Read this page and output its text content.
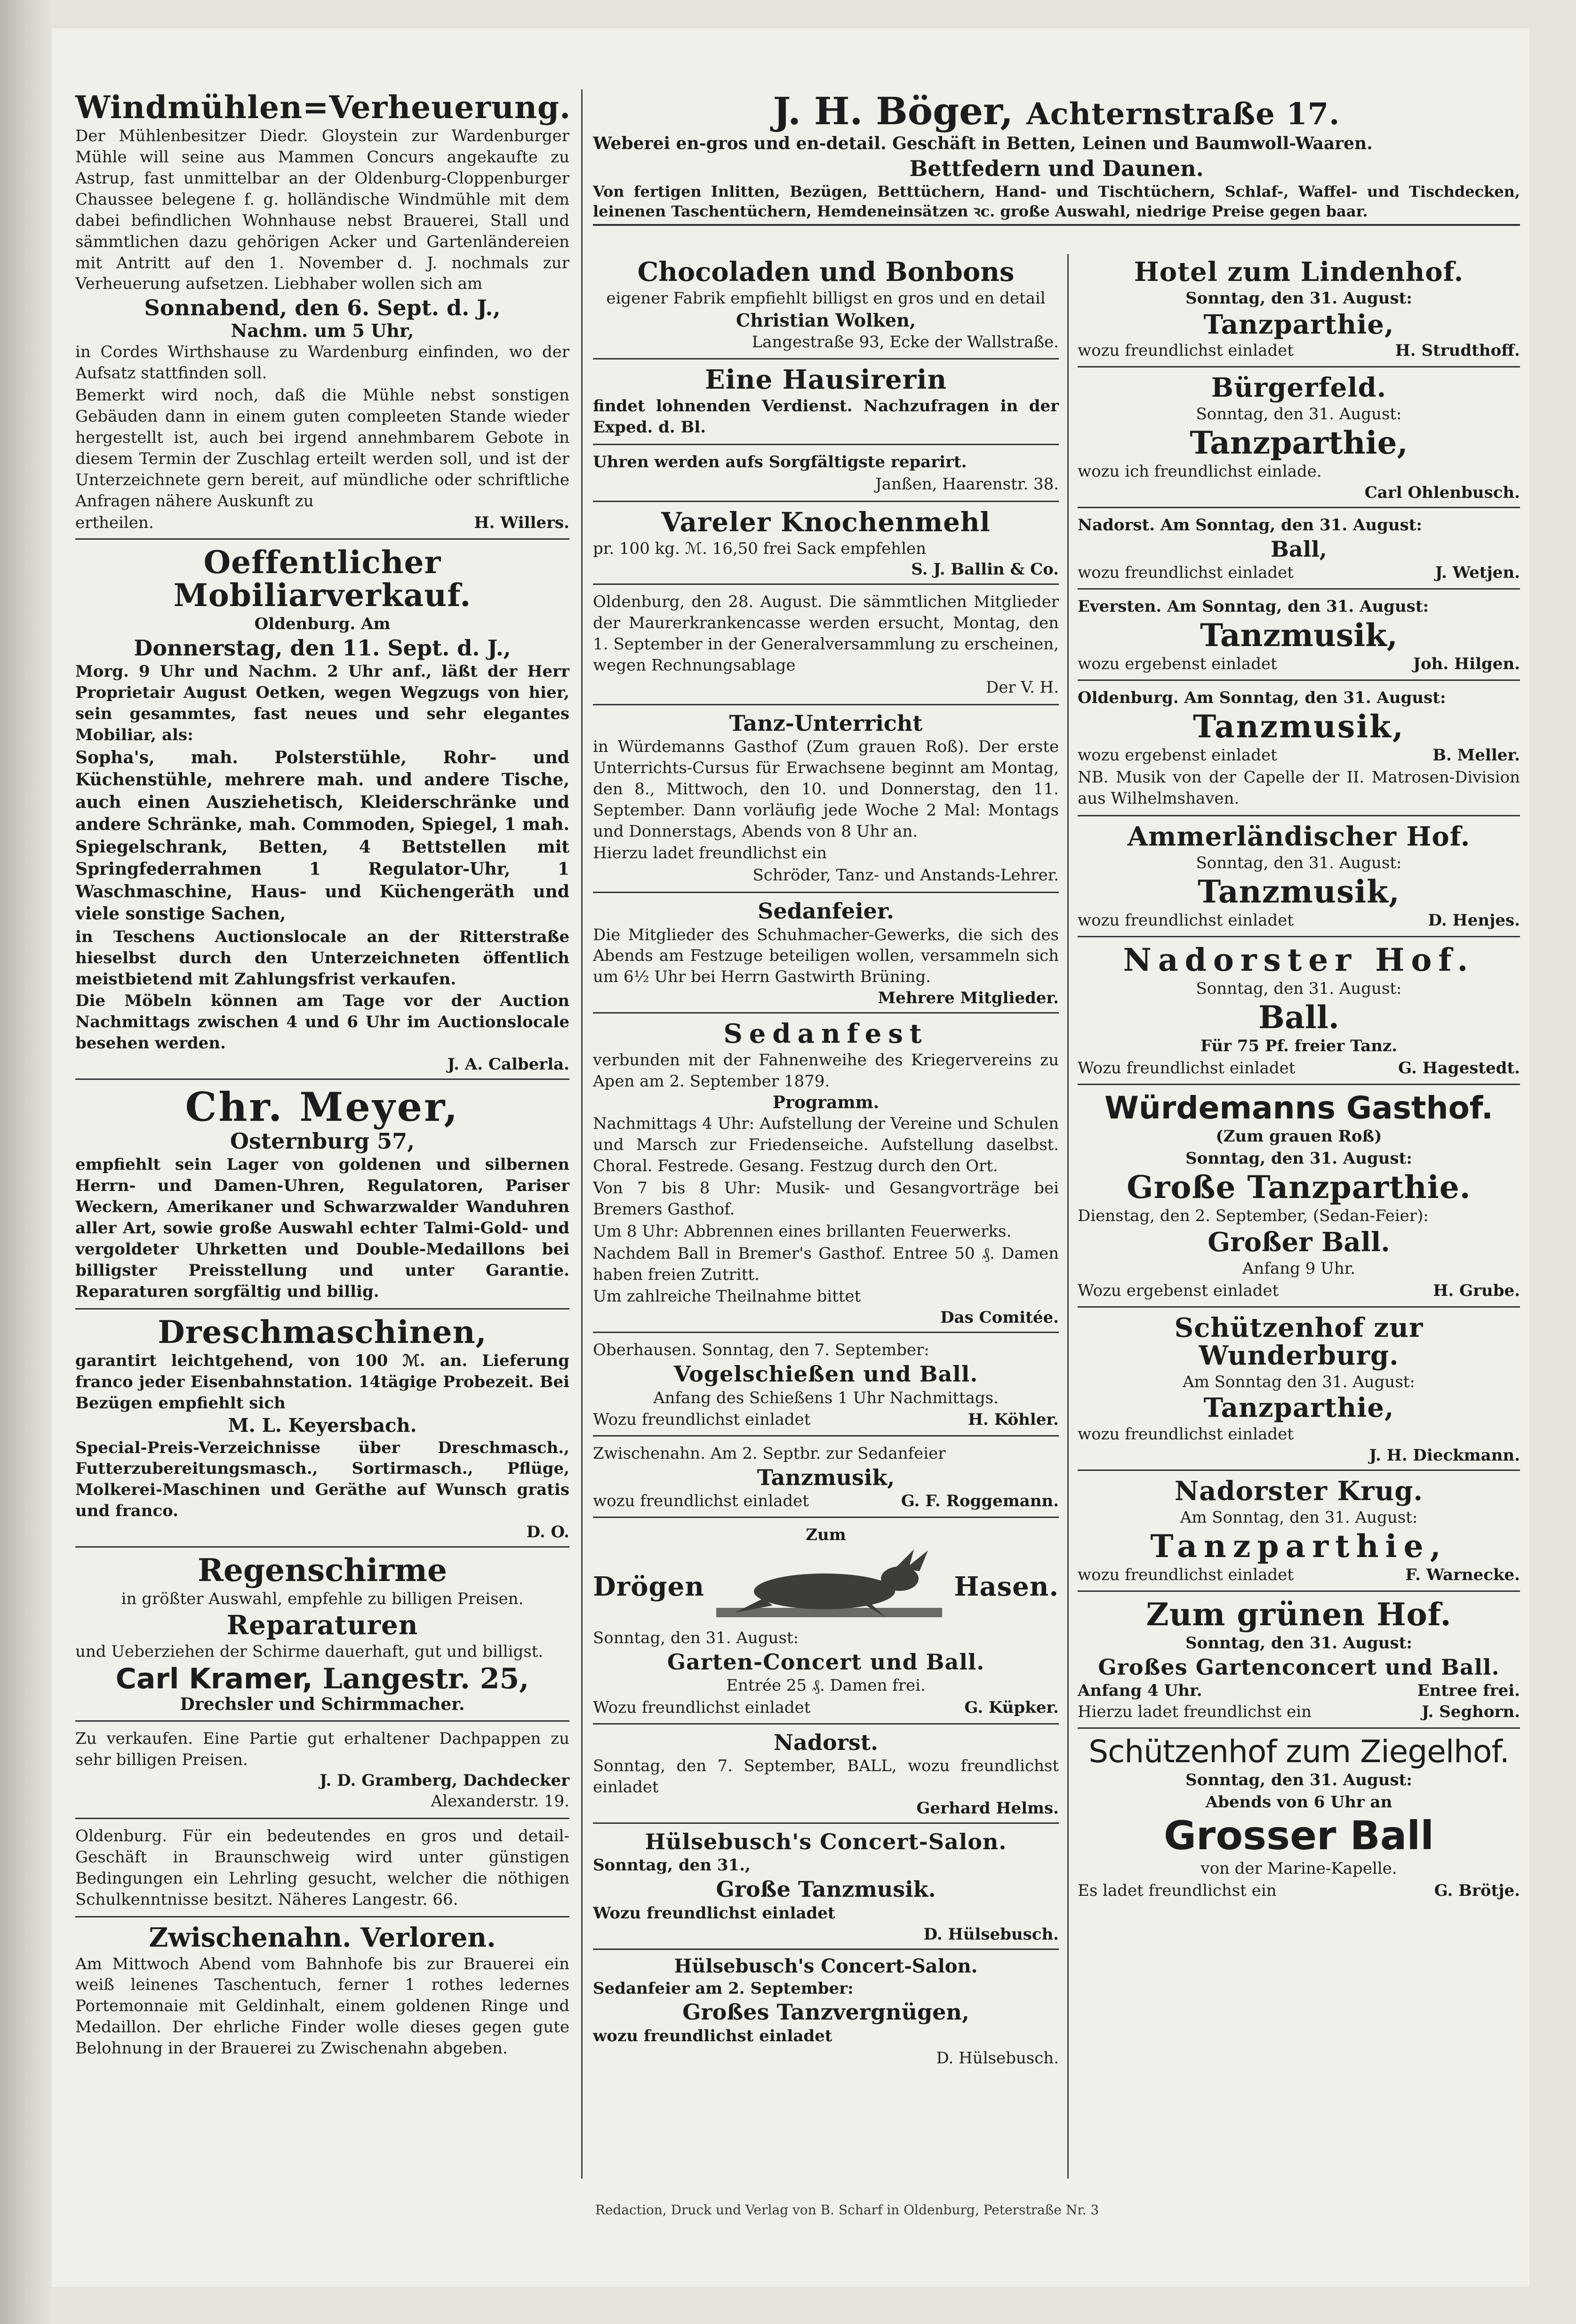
Windmühlen=Verheuerung.
Der Mühlenbesitzer Diedr. Gloystein zur Wardenburger Mühle will seine aus Mammen Concurs angekaufte zu Astrup, fast unmittelbar an der Oldenburg-Cloppenburger Chaussee belegene f. g. holländische Windmühle mit dem dabei befindlichen Wohnhause nebst Brauerei, Stall und sämmtlichen dazu gehörigen Acker und Gartenländereien mit Antritt auf den 1. November d. J. nochmals zur Verheuerung aufsetzen. Liebhaber wollen sich am
Sonnabend, den 6. Sept. d. J.,
Nachm. um 5 Uhr,
in Cordes Wirthshause zu Wardenburg einfinden, wo der Aufsatz stattfinden soll.
Bemerkt wird noch, daß die Mühle nebst sonstigen Gebäuden dann in einem guten compleeten Stande wieder hergestellt ist, auch bei irgend annehmbarem Gebote in diesem Termin der Zuschlag erteilt werden soll, und ist der Unterzeichnete gern bereit, auf mündliche oder schriftliche Anfragen nähere Auskunft zu
ertheilen.	H. Willers.
Oeffentlicher Mobiliarverkauf.
Oldenburg. Am
Donnerstag, den 11. Sept. d. J.,
Morg. 9 Uhr und Nachm. 2 Uhr anf., läßt der Herr Proprietair August Oetken, wegen Wegzugs von hier, sein gesammtes, fast neues und sehr elegantes Mobiliar, als:
Sopha's, mah. Polsterstühle, Rohr- und Küchenstühle, mehrere mah. und andere Tische, auch einen Ausziehetisch, Kleiderschränke und andere Schränke, mah. Commoden, Spiegel, 1 mah. Spiegelschrank, Betten, 4 Bettstellen mit Springfederrahmen 1 Regulator-Uhr, 1 Waschmaschine, Haus- und Küchengeräth und viele sonstige Sachen,
in Teschens Auctionslocale an der Ritterstraße hieselbst durch den Unterzeichneten öffentlich meistbietend mit Zahlungsfrist verkaufen.
Die Möbeln können am Tage vor der Auction Nachmittags zwischen 4 und 6 Uhr im Auctionslocale besehen werden.
J. A. Calberla.
Chr. Meyer,
Osternburg 57,
empfiehlt sein Lager von goldenen und silbernen Herrn- und Damen-Uhren, Regulatoren, Pariser Weckern, Amerikaner und Schwarzwalder Wanduhren aller Art, sowie große Auswahl echter Talmi-Gold- und vergoldeter Uhrketten und Double-Medaillons bei billigster Preisstellung und unter Garantie. Reparaturen sorgfältig und billig.
Dreschmaschinen,
garantirt leichtgehend, von 100 ℳ. an. Lieferung franco jeder Eisenbahnstation. 14tägige Probezeit. Bei Bezügen empfiehlt sich
M. L. Keyersbach.
Special-Preis-Verzeichnisse über Dreschmasch., Futterzubereitungsmasch., Sortirmasch., Pflüge, Molkerei-Maschinen und Geräthe auf Wunsch gratis und franco.
D. O.
Regenschirme
in größter Auswahl, empfehle zu billigen Preisen.
Reparaturen
und Ueberziehen der Schirme dauerhaft, gut und billigst.
Carl Kramer, Langestr. 25,
Drechsler und Schirmmacher.
Zu verkaufen. Eine Partie gut erhaltener Dachpappen zu sehr billigen Preisen.
J. D. Gramberg, Dachdecker
Alexanderstr. 19.
Oldenburg. Für ein bedeutendes en gros und detail-Geschäft in Braunschweig wird unter günstigen Bedingungen ein Lehrling gesucht, welcher die nöthigen Schulkenntnisse besitzt. Näheres Langestr. 66.
Zwischenahn. Verloren.
Am Mittwoch Abend vom Bahnhofe bis zur Brauerei ein weiß leinenes Taschentuch, ferner 1 rothes ledernes Portemonnaie mit Geldinhalt, einem goldenen Ringe und Medaillon. Der ehrliche Finder wolle dieses gegen gute Belohnung in der Brauerei zu Zwischenahn abgeben.
J. H. Böger, Achternstraße 17.
Weberei en-gros und en-detail. Geschäft in Betten, Leinen und Baumwoll-Waaren.
Bettfedern und Daunen.
Von fertigen Inlitten, Bezügen, Betttüchern, Hand- und Tischtüchern, Schlaf-, Waffel- und Tischdecken, leinenen Taschentüchern, Hemdeneinsätzen ꝛc. große Auswahl, niedrige Preise gegen baar.
Chocoladen und Bonbons
eigener Fabrik empfiehlt billigst en gros und en detail
Christian Wolken,
Langestraße 93, Ecke der Wallstraße.
Eine Hausirerin
findet lohnenden Verdienst. Nachzufragen in der Exped. d. Bl.
Uhren werden aufs Sorgfältigste reparirt.
Janßen, Haarenstr. 38.
Vareler Knochenmehl
pr. 100 kg. ℳ. 16,50 frei Sack empfehlen
S. J. Ballin & Co.
Oldenburg, den 28. August. Die sämmtlichen Mitglieder der Maurerkrankencasse werden ersucht, Montag, den 1. September in der Generalversammlung zu erscheinen, wegen Rechnungsablage
Der V. H.
Tanz-Unterricht
in Würdemanns Gasthof (Zum grauen Roß). Der erste Unterrichts-Cursus für Erwachsene beginnt am Montag, den 8., Mittwoch, den 10. und Donnerstag, den 11. September. Dann vorläufig jede Woche 2 Mal: Montags und Donnerstags, Abends von 8 Uhr an.
Hierzu ladet freundlichst ein
Schröder, Tanz- und Anstands-Lehrer.
Sedanfeier.
Die Mitglieder des Schuhmacher-Gewerks, die sich des Abends am Festzuge beteiligen wollen, versammeln sich um 6½ Uhr bei Herrn Gastwirth Brüning.
Mehrere Mitglieder.
Sedanfest
verbunden mit der Fahnenweihe des Kriegervereins zu Apen am 2. September 1879.
Programm.
Nachmittags 4 Uhr: Aufstellung der Vereine und Schulen und Marsch zur Friedenseiche. Aufstellung daselbst. Choral. Festrede. Gesang. Festzug durch den Ort.
Von 7 bis 8 Uhr: Musik- und Gesangvorträge bei Bremers Gasthof.
Um 8 Uhr: Abbrennen eines brillanten Feuerwerks.
Nachdem Ball in Bremer's Gasthof. Entree 50 ₰. Damen haben freien Zutritt.
Um zahlreiche Theilnahme bittet
Das Comitée.
Oberhausen. Sonntag, den 7. September:
Vogelschießen und Ball.
Anfang des Schießens 1 Uhr Nachmittags.
Wozu freundlichst einladet	H. Köhler.
Zwischenahn. Am 2. Septbr. zur Sedanfeier
Tanzmusik,
wozu freundlichst einladet	G. F. Roggemann.
Zum
Drögen	Hasen.
Sonntag, den 31. August:
Garten-Concert und Ball.
Entrée 25 ₰. Damen frei.
Wozu freundlichst einladet	G. Küpker.
Nadorst.
Sonntag, den 7. September, BALL, wozu freundlichst einladet
Gerhard Helms.
Hülsebusch's Concert-Salon.
Sonntag, den 31.,
Große Tanzmusik.
Wozu freundlichst einladet
D. Hülsebusch.
Hülsebusch's Concert-Salon.
Sedanfeier am 2. September:
Großes Tanzvergnügen,
wozu freundlichst einladet
D. Hülsebusch.
Hotel zum Lindenhof.
Sonntag, den 31. August:
Tanzparthie,
wozu freundlichst einladet	H. Strudthoff.
Bürgerfeld.
Sonntag, den 31. August:
Tanzparthie,
wozu ich freundlichst einlade.
Carl Ohlenbusch.
Nadorst. Am Sonntag, den 31. August:
Ball,
wozu freundlichst einladet	J. Wetjen.
Eversten. Am Sonntag, den 31. August:
Tanzmusik,
wozu ergebenst einladet	Joh. Hilgen.
Oldenburg. Am Sonntag, den 31. August:
Tanzmusik,
wozu ergebenst einladet	B. Meller.
NB. Musik von der Capelle der II. Matrosen-Division aus Wilhelmshaven.
Ammerländischer Hof.
Sonntag, den 31. August:
Tanzmusik,
wozu freundlichst einladet	D. Henjes.
Nadorster Hof.
Sonntag, den 31. August:
Ball.
Für 75 Pf. freier Tanz.
Wozu freundlichst einladet	G. Hagestedt.
Würdemanns Gasthof.
(Zum grauen Roß)
Sonntag, den 31. August:
Große Tanzparthie.
Dienstag, den 2. September, (Sedan-Feier):
Großer Ball.
Anfang 9 Uhr.
Wozu ergebenst einladet	H. Grube.
Schützenhof zur Wunderburg.
Am Sonntag den 31. August:
Tanzparthie,
wozu freundlichst einladet
J. H. Dieckmann.
Nadorster Krug.
Am Sonntag, den 31. August:
Tanzparthie,
wozu freundlichst einladet	F. Warnecke.
Zum grünen Hof.
Sonntag, den 31. August:
Großes Gartenconcert und Ball.
Anfang 4 Uhr.	Entree frei.
Hierzu ladet freundlichst ein	J. Seghorn.
Schützenhof zum Ziegelhof.
Sonntag, den 31. August:
Abends von 6 Uhr an
Grosser Ball
von der Marine-Kapelle.
Es ladet freundlichst ein	G. Brötje.
Redaction, Druck und Verlag von B. Scharf in Oldenburg, Peterstraße Nr. 3
